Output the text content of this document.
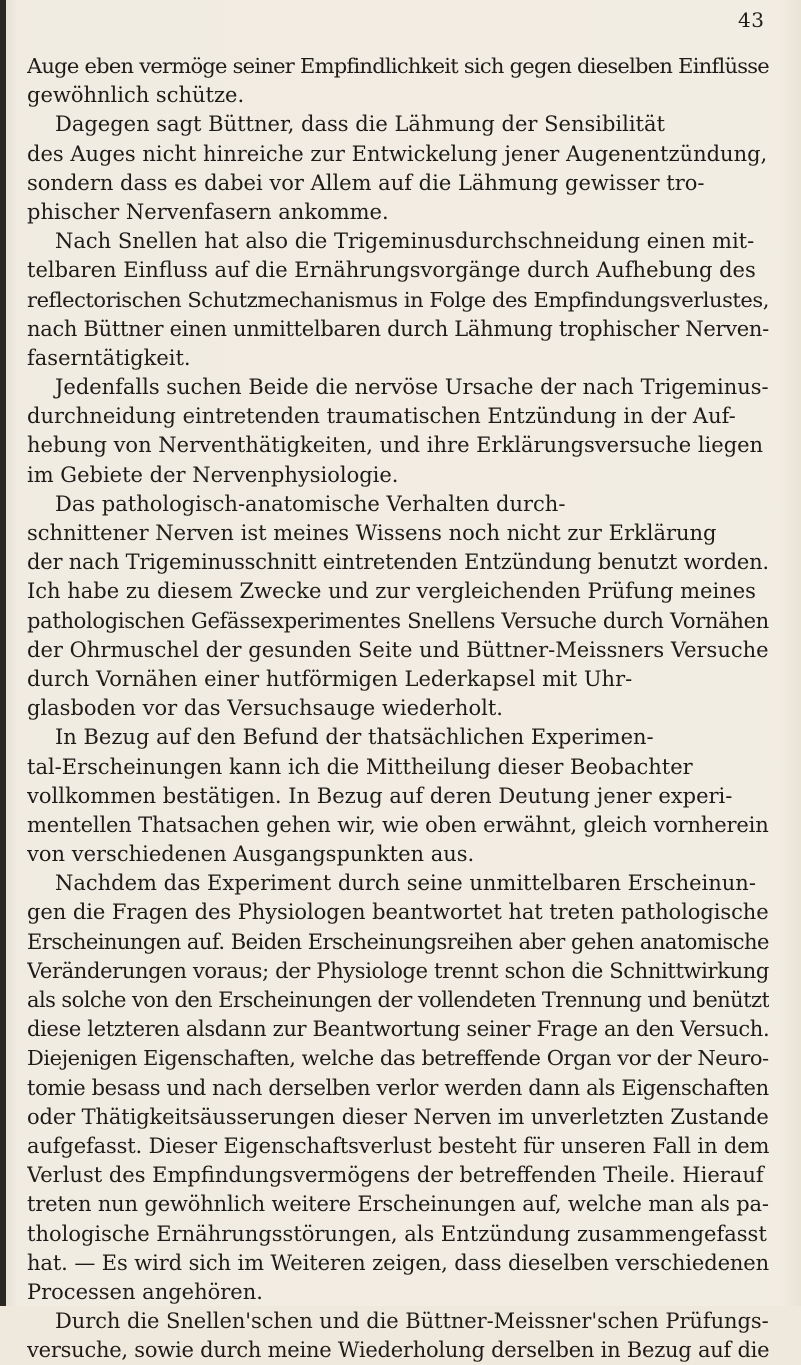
43
Auge eben vermöge seiner Empfindlichkeit sich gegen dieselben Einflüsse
gewöhnlich schütze.
Dagegen sagt Büttner, dass die Lähmung der Sensibilität
des Auges nicht hinreiche zur Entwickelung jener Augenentzündung,
sondern dass es dabei vor Allem auf die Lähmung gewisser tro-
phischer Nervenfasern ankomme.
Nach Snellen hat also die Trigeminusdurchschneidung einen mit-
telbaren Einfluss auf die Ernährungsvorgänge durch Aufhebung des
reflectorischen Schutzmechanismus in Folge des Empfindungsverlustes,
nach Büttner einen unmittelbaren durch Lähmung trophischer Nerven-
faserntätigkeit.
Jedenfalls suchen Beide die nervöse Ursache der nach Trigeminus-
durchneidung eintretenden traumatischen Entzündung in der Auf-
hebung von Nerventhätigkeiten, und ihre Erklärungsversuche liegen
im Gebiete der Nervenphysiologie.
Das pathologisch-anatomische Verhalten durch-
schnittener Nerven ist meines Wissens noch nicht zur Erklärung
der nach Trigeminusschnitt eintretenden Entzündung benutzt worden.
Ich habe zu diesem Zwecke und zur vergleichenden Prüfung meines
pathologischen Gefässexperimentes Snellens Versuche durch Vornähen
der Ohrmuschel der gesunden Seite und Büttner-Meissners Versuche
durch Vornähen einer hutförmigen Lederkapsel mit Uhr-
glasboden vor das Versuchsauge wiederholt.
In Bezug auf den Befund der thatsächlichen Experimen-
tal-Erscheinungen kann ich die Mittheilung dieser Beobachter
vollkommen bestätigen. In Bezug auf deren Deutung jener experi-
mentellen Thatsachen gehen wir, wie oben erwähnt, gleich vornherein
von verschiedenen Ausgangspunkten aus.
Nachdem das Experiment durch seine unmittelbaren Erscheinun-
gen die Fragen des Physiologen beantwortet hat treten pathologische
Erscheinungen auf. Beiden Erscheinungsreihen aber gehen anatomische
Veränderungen voraus; der Physiologe trennt schon die Schnittwirkung
als solche von den Erscheinungen der vollendeten Trennung und benützt
diese letzteren alsdann zur Beantwortung seiner Frage an den Versuch.
Diejenigen Eigenschaften, welche das betreffende Organ vor der Neuro-
tomie besass und nach derselben verlor werden dann als Eigenschaften
oder Thätigkeitsäusserungen dieser Nerven im unverletzten Zustande
aufgefasst. Dieser Eigenschaftsverlust besteht für unseren Fall in dem
Verlust des Empfindungsvermögens der betreffenden Theile. Hierauf
treten nun gewöhnlich weitere Erscheinungen auf, welche man als pa-
thologische Ernährungsstörungen, als Entzündung zusammengefasst
hat. — Es wird sich im Weiteren zeigen, dass dieselben verschiedenen
Processen angehören.
Durch die Snellen'schen und die Büttner-Meissner'schen Prüfungs-
versuche, sowie durch meine Wiederholung derselben in Bezug auf die
